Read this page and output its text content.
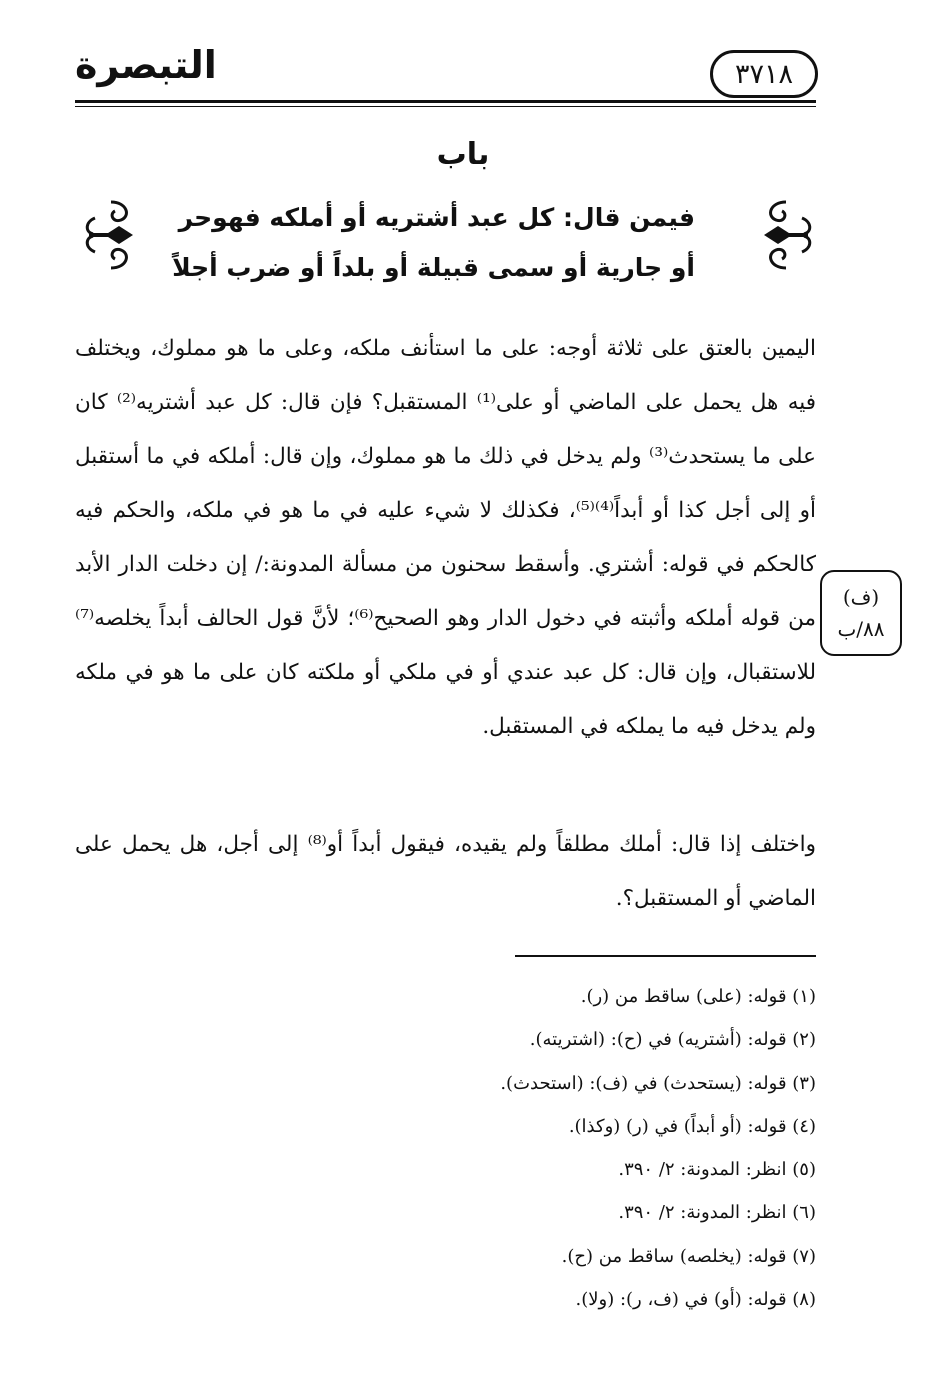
٣٧١٨
التبصرة
باب
فيمن قال: كل عبد أشتريه أو أملكه فهوحر
أو جارية أو سمى قبيلة أو بلداً أو ضرب أجلاً

اليمين بالعتق على ثلاثة أوجه: على ما استأنف ملكه، وعلى ما هو مملوك، ويختلف فيه هل يحمل على الماضي أو على⁽¹⁾ المستقبل؟ فإن قال: كل عبد أشتريه⁽²⁾ كان على ما يستحدث⁽³⁾ ولم يدخل في ذلك ما هو مملوك، وإن قال: أملكه في ما أستقبل أو إلى أجل كذا أو أبداً⁽⁴⁾⁽⁵⁾، فكذلك لا شيء عليه في ما هو في ملكه، والحكم فيه كالحكم في قوله: أشتري. وأسقط سحنون من مسألة المدونة:/ إن دخلت الدار الأبد من قوله أملكه وأثبته في دخول الدار وهو الصحيح⁽⁶⁾؛ لأنَّ قول الحالف أبداً يخلصه⁽⁷⁾ للاستقبال، وإن قال: كل عبد عندي أو في ملكي أو ملكته كان على ما هو في ملكه ولم يدخل فيه ما يملكه في المستقبل.

(ف)
٨٨/ب

واختلف إذا قال: أملك مطلقاً ولم يقيده، فيقول أبداً أو⁽⁸⁾ إلى أجل، هل يحمل على الماضي أو المستقبل؟.

(١) قوله: (على) ساقط من (ر).
(٢) قوله: (أشتريه) في (ح): (اشتريته).
(٣) قوله: (يستحدث) في (ف): (استحدث).
(٤) قوله: (أو أبداً) في (ر) (وكذا).
(٥) انظر: المدونة: ٢/ ٣٩٠.
(٦) انظر: المدونة: ٢/ ٣٩٠.
(٧) قوله: (يخلصه) ساقط من (ح).
(٨) قوله: (أو) في (ف، ر): (ولا).
